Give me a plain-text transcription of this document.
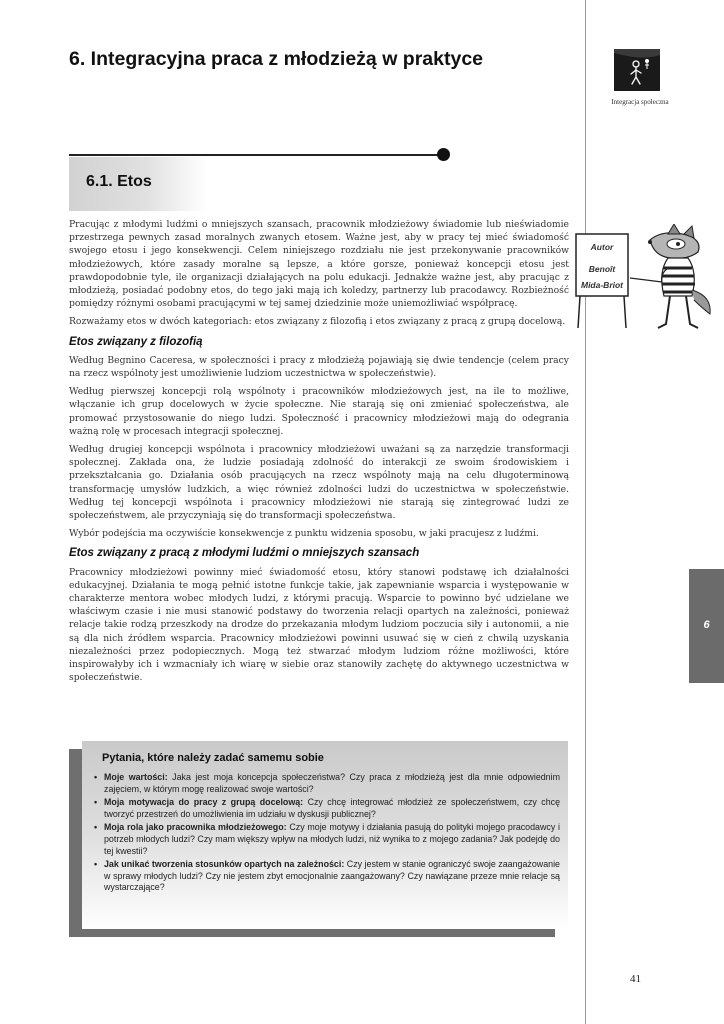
6. Integracyjna praca z młodzieżą w praktyce
Integracja społeczna
6.1. Etos

Pracując z młodymi ludźmi o mniejszych szansach, pracownik młodzieżowy świadomie lub nieświadomie przestrzega pewnych zasad moralnych zwanych etosem. Ważne jest, aby w pracy tej mieć świadomość swojego etosu i jego konsekwencji. Celem niniejszego rozdziału nie jest przekonywanie pracowników młodzieżowych, które zasady moralne są lepsze, a które gorsze, ponieważ koncepcji etosu jest prawdopodobnie tyle, ile organizacji działających na polu edukacji. Jednakże ważne jest, aby pracując z młodzieżą, posiadać podobny etos, do tego jaki mają ich koledzy, partnerzy lub pracodawcy. Rozbieżność pomiędzy różnymi osobami pracującymi w tej samej dziedzinie może uniemożliwiać współpracę.

Rozważamy etos w dwóch kategoriach: etos związany z filozofią i etos związany z pracą z grupą docelową.

Etos związany z filozofią

Według Begnino Caceresa, w społeczności i pracy z młodzieżą pojawiają się dwie tendencje (celem pracy na rzecz wspólnoty jest umożliwienie ludziom uczestnictwa w społeczeństwie).

Według pierwszej koncepcji rolą wspólnoty i pracowników młodzieżowych jest, na ile to możliwe, włączanie ich grup docelowych w życie społeczne. Nie starają się oni zmieniać społeczeństwa, ale promować przystosowanie do niego ludzi. Społeczność i pracownicy młodzieżowi mają do odegrania ważną rolę w procesach integracji społecznej.

Według drugiej koncepcji wspólnota i pracownicy młodzieżowi uważani są za narzędzie transformacji społecznej. Zakłada ona, że ludzie posiadają zdolność do interakcji ze swoim środowiskiem i przekształcania go. Działania osób pracujących na rzecz wspólnoty mają na celu długoterminową transformację umysłów ludzkich, a więc również zdolności ludzi do uczestnictwa w społeczeństwie. Według tej koncepcji wspólnota i pracownicy młodzieżowi nie starają się zintegrować ludzi ze społeczeństwem, ale przyczyniają się do transformacji społeczeństwa.

Wybór podejścia ma oczywiście konsekwencje z punktu widzenia sposobu, w jaki pracujesz z ludźmi.

Etos związany z pracą z młodymi ludźmi o mniejszych szansach

Pracownicy młodzieżowi powinny mieć świadomość etosu, który stanowi podstawę ich działalności edukacyjnej. Działania te mogą pełnić istotne funkcje takie, jak zapewnianie wsparcia i występowanie w charakterze mentora wobec młodych ludzi, z którymi pracują. Wsparcie to powinno być udzielane we właściwym czasie i nie musi stanowić podstawy do tworzenia relacji opartych na zależności, ponieważ relacje takie rodzą przeszkody na drodze do przekazania młodym ludziom poczucia siły i autonomii, a nie są dla nich źródłem wsparcia. Pracownicy młodzieżowi powinni usuwać się w cień z chwilą uzyskania niezależności przez podopiecznych. Mogą też stwarzać młodym ludziom różne możliwości, które inspirowałyby ich i wzmacniały ich wiarę w siebie oraz stanowiły zachętę do aktywnego uczestnictwa w społeczeństwie.

Autor
Benoît
Mida-Briot
6
Pytania, które należy zadać samemu sobie
• Moje wartości: Jaka jest moja koncepcja społeczeństwa? Czy praca z młodzieżą jest dla mnie odpowiednim zajęciem, w którym mogę realizować swoje wartości?
• Moja motywacja do pracy z grupą docelową: Czy chcę integrować młodzież ze społeczeństwem, czy chcę tworzyć przestrzeń do umożliwienia im udziału w dyskusji publicznej?
• Moja rola jako pracownika młodzieżowego: Czy moje motywy i działania pasują do polityki mojego pracodawcy i potrzeb młodych ludzi? Czy mam większy wpływ na młodych ludzi, niż wynika to z mojego zadania? Jak podejdę do tej kwestii?
• Jak unikać tworzenia stosunków opartych na zależności: Czy jestem w stanie ograniczyć swoje zaangażowanie w sprawy młodych ludzi? Czy nie jestem zbyt emocjonalnie zaangażowany? Czy nawiązane przeze mnie relacje są wystarczające?
41
